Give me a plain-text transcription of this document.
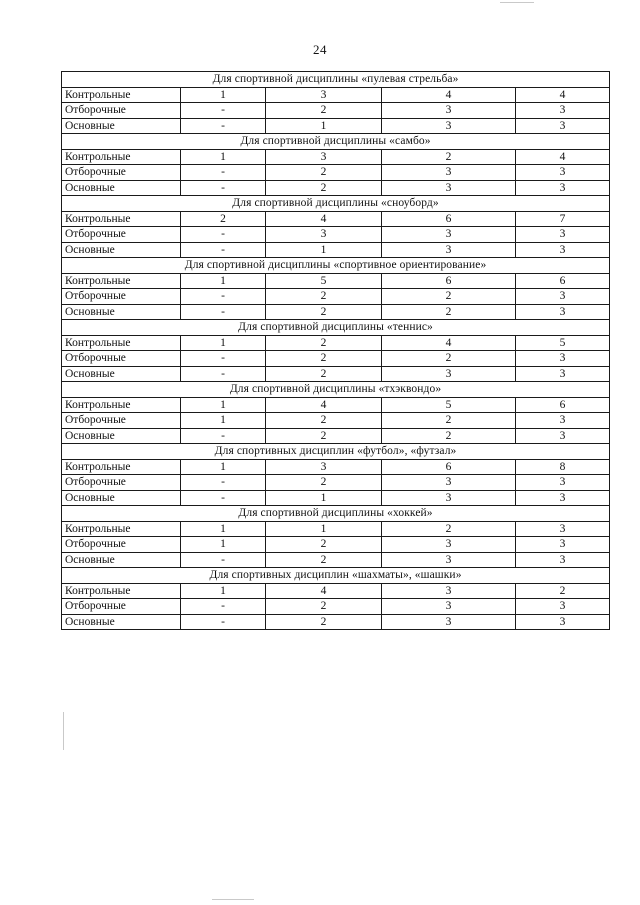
24
Для спортивной дисциплины «пулевая стрельба»				
Контрольные	1	3	4	4
Отборочные	-	2	3	3
Основные	-	1	3	3
Для спортивной дисциплины «самбо»				
Контрольные	1	3	2	4
Отборочные	-	2	3	3
Основные	-	2	3	3
Для спортивной дисциплины «сноуборд»				
Контрольные	2	4	6	7
Отборочные	-	3	3	3
Основные	-	1	3	3
Для спортивной дисциплины «спортивное ориентирование»				
Контрольные	1	5	6	6
Отборочные	-	2	2	3
Основные	-	2	2	3
Для спортивной дисциплины «теннис»				
Контрольные	1	2	4	5
Отборочные	-	2	2	3
Основные	-	2	3	3
Для спортивной дисциплины «тхэквондо»				
Контрольные	1	4	5	6
Отборочные	1	2	2	3
Основные	-	2	2	3
Для спортивных дисциплин «футбол», «футзал»				
Контрольные	1	3	6	8
Отборочные	-	2	3	3
Основные	-	1	3	3
Для спортивной дисциплины «хоккей»				
Контрольные	1	1	2	3
Отборочные	1	2	3	3
Основные	-	2	3	3
Для спортивных дисциплин «шахматы», «шашки»				
Контрольные	1	4	3	2
Отборочные	-	2	3	3
Основные	-	2	3	3
